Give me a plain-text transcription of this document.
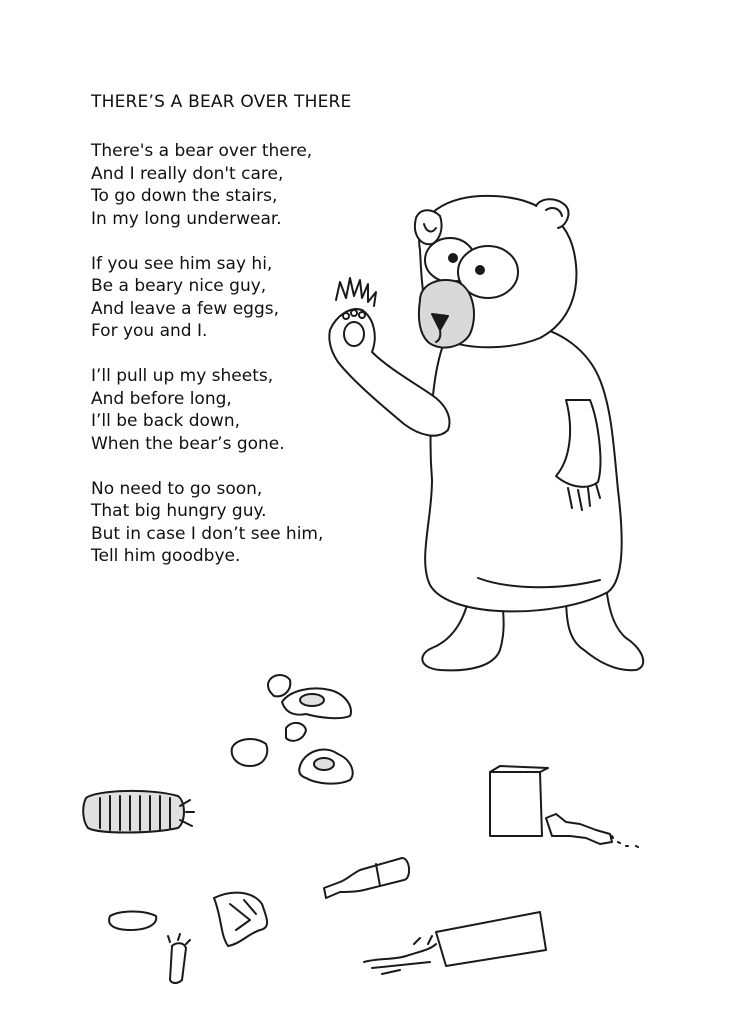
THERE’S A BEAR OVER THERE
There's a bear over there,
And I really don't care,
To go down the stairs,
In my long underwear.
If you see him say hi,
Be a beary nice guy,
And leave a few eggs,
For you and I.
I’ll pull up my sheets,
And before long,
I’ll be back down,
When the bear’s gone.
No need to go soon,
That big hungry guy.
But in case I don’t see him,
Tell him goodbye.
